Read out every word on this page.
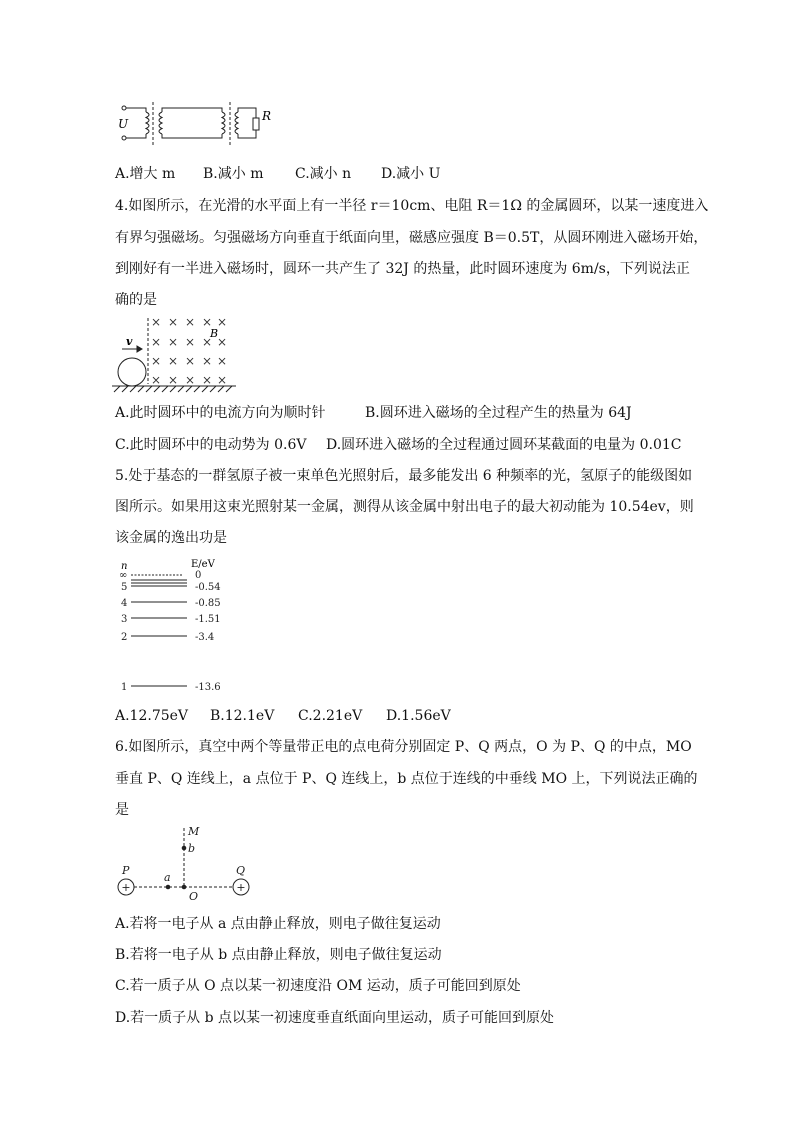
U
R
A.增大 m B.减小 m C.减小 n D.减小 U
4.如图所示，在光滑的水平面上有一半径 r＝10cm、电阻 R＝1Ω 的金属圆环，以某一速度进入
有界匀强磁场。匀强磁场方向垂直于纸面向里，磁感应强度 B＝0.5T，从圆环刚进入磁场开始，
到刚好有一半进入磁场时，圆环一共产生了 32J 的热量，此时圆环速度为 6m/s，下列说法正
确的是
× × × × ×
× × × × ×
× × × × ×
× × × × ×
v
B
A.此时圆环中的电流方向为顺时针	B.圆环进入磁场的全过程产生的热量为 64J
C.此时圆环中的电动势为 0.6V D.圆环进入磁场的全过程通过圆环某截面的电量为 0.01C
5.处于基态的一群氢原子被一束单色光照射后，最多能发出 6 种频率的光，氢原子的能级图如
图所示。如果用这束光照射某一金属，测得从该金属中射出电子的最大初动能为 10.54ev，则
该金属的逸出功是
n	E/eV
∞	0
5	-0.54
4	-0.85
3	-1.51
2	-3.4
1	-13.6
A.12.75eV B.12.1eV C.2.21eV D.1.56eV
6.如图所示，真空中两个等量带正电的点电荷分别固定 P、Q 两点，O 为 P、Q 的中点，MO
垂直 P、Q 连线上，a 点位于 P、Q 连线上，b 点位于连线的中垂线 MO 上，下列说法正确的
是
P	Q
M
b
a
O
+	+
A.若将一电子从 a 点由静止释放，则电子做往复运动
B.若将一电子从 b 点由静止释放，则电子做往复运动
C.若一质子从 O 点以某一初速度沿 OM 运动，质子可能回到原处
D.若一质子从 b 点以某一初速度垂直纸面向里运动，质子可能回到原处
